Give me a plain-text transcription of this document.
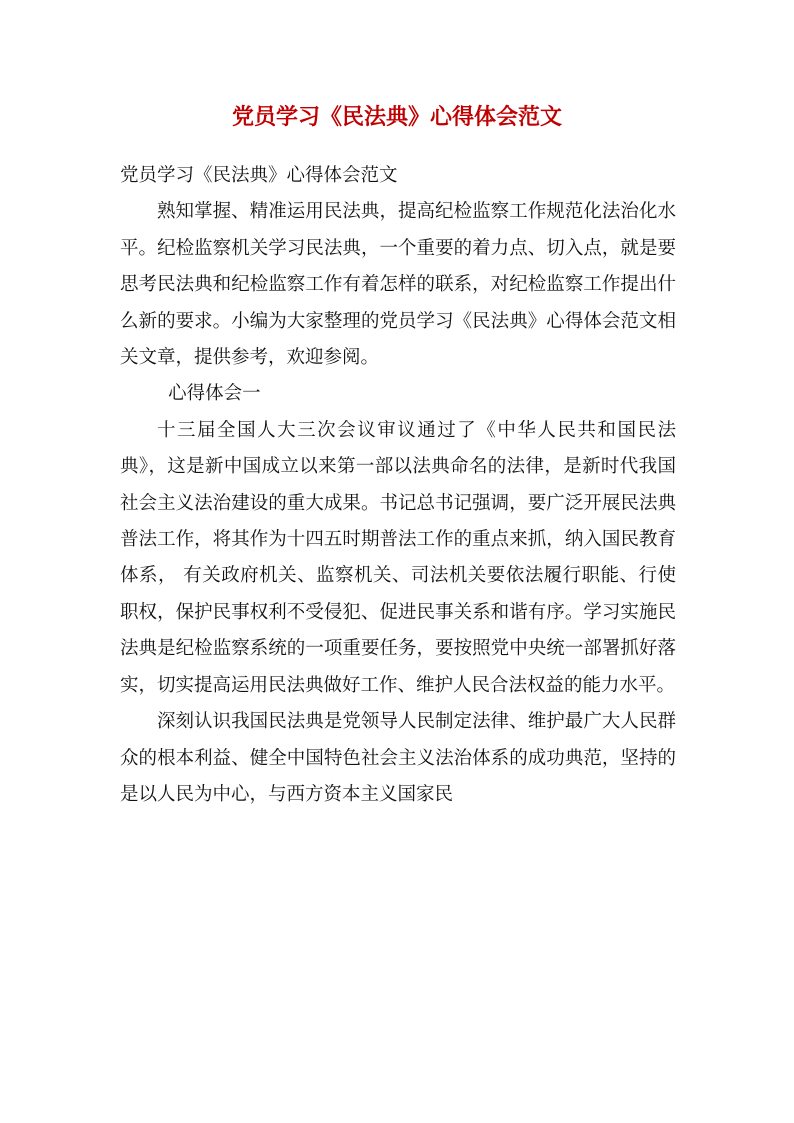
党员学习《民法典》心得体会范文

党员学习《民法典》心得体会范文

熟知掌握、精准运用民法典，提高纪检监察工作规范化法治化水平。纪检监察机关学习民法典，一个重要的着力点、切入点，就是要思考民法典和纪检监察工作有着怎样的联系，对纪检监察工作提出什么新的要求。小编为大家整理的党员学习《民法典》心得体会范文相关文章，提供参考，欢迎参阅。

心得体会一

十三届全国人大三次会议审议通过了《中华人民共和国民法典》，这是新中国成立以来第一部以法典命名的法律，是新时代我国社会主义法治建设的重大成果。书记总书记强调，要广泛开展民法典普法工作，将其作为十四五时期普法工作的重点来抓，纳入国民教育体系， 有关政府机关、监察机关、司法机关要依法履行职能、行使职权，保护民事权利不受侵犯、促进民事关系和谐有序。学习实施民法典是纪检监察系统的一项重要任务，要按照党中央统一部署抓好落实，切实提高运用民法典做好工作、维护人民合法权益的能力水平。

深刻认识我国民法典是党领导人民制定法律、维护最广大人民群众的根本利益、健全中国特色社会主义法治体系的成功典范，坚持的是以人民为中心，与西方资本主义国家民
